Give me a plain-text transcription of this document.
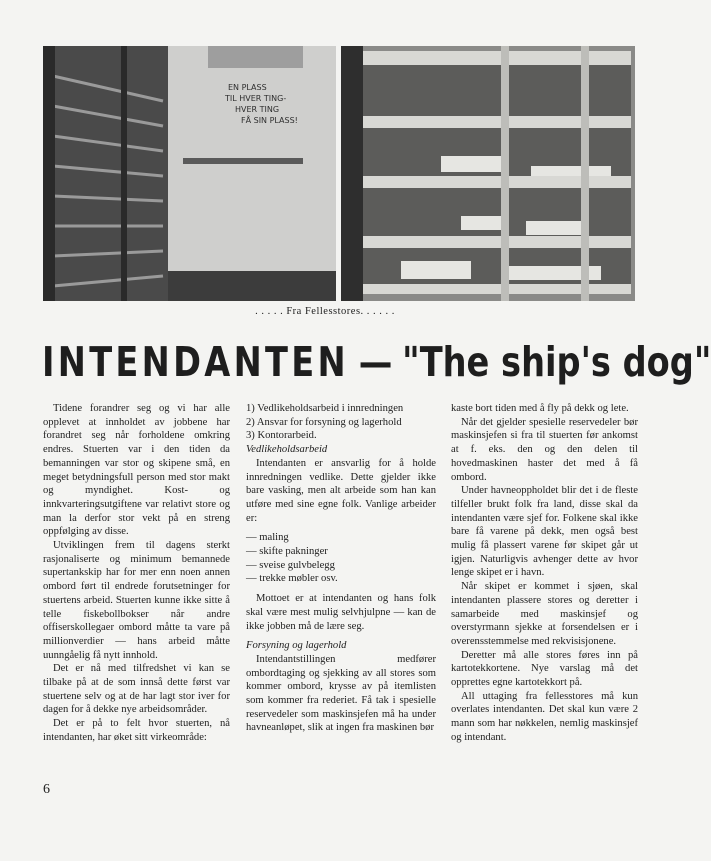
EN PLASS
TIL HVER TING-
HVER TING
FÅ SIN PLASS!
. . . . . Fra Fellesstores. . . . . .
INTENDANTEN — "The ship's dog"

Tidene forandrer seg og vi har alle opplevet at innholdet av jobbene har forandret seg når forholdene omkring endres. Stuerten var i den tiden da bemanningen var stor og skipene små, en meget betydningsfull person med stor makt og myndighet. Kost- og innkvarteringsutgiftene var relativt store og man la derfor stor vekt på en streng oppfølging av disse.

Utviklingen frem til dagens sterkt rasjonaliserte og minimum bemannede supertankskip har for mer enn noen annen ombord ført til endrede forutsetninger for stuertens arbeid. Stuerten kunne ikke sitte å telle fiskebollbokser når andre offiserskollegaer ombord måtte ta vare på millionverdier — hans arbeid måtte uunngåelig få nytt innhold.

Det er nå med tilfredshet vi kan se tilbake på at de som innså dette først var stuertene selv og at de har lagt stor iver for dagen for å dekke nye arbeidsområder.

Det er på to felt hvor stuerten, nå intendanten, har øket sitt virkeområde:

1) Vedlikeholdsarbeid i innredningen
2) Ansvar for forsyning og lagerhold
3) Kontorarbeid.

Vedlikeholdsarbeid

Intendanten er ansvarlig for å holde innredningen vedlike. Dette gjelder ikke bare vasking, men alt arbeide som han kan utføre med sine egne folk. Vanlige arbeider er:

— maling
— skifte pakninger
— sveise gulvbelegg
— trekke møbler osv.

Mottoet er at intendanten og hans folk skal være mest mulig selvhjulpne — kan de ikke jobben må de lære seg.

Forsyning og lagerhold

Intendantstillingen medfører ombordtaging og sjekking av all stores som kommer ombord, krysse av på itemlisten som kommer fra rederiet. Få tak i spesielle reservedeler som maskinsjefen må ha under havneanløpet, slik at ingen fra maskinen bør

kaste bort tiden med å fly på dekk og lete.

Når det gjelder spesielle reservedeler bør maskinsjefen si fra til stuerten før ankomst at f. eks. den og den delen til hovedmaskinen haster det med å få ombord.

Under havneoppholdet blir det i de fleste tilfeller brukt folk fra land, disse skal da intendanten være sjef for. Folkene skal ikke bare få varene på dekk, men også best mulig få plassert varene før skipet går ut igjen. Naturligvis avhenger dette av hvor lenge skipet er i havn.

Når skipet er kommet i sjøen, skal intendanten plassere stores og deretter i samarbeide med maskinsjef og overstyrmann sjekke at forsendelsen er i overensstemmelse med rekvisisjonene.

Deretter må alle stores føres inn på kartotekkortene. Nye varslag må det opprettes egne kartotekkort på.

All uttaging fra fellesstores må kun overlates intendanten. Det skal kun være 2 mann som har nøkkelen, nemlig maskinsjef og intendant.

6
